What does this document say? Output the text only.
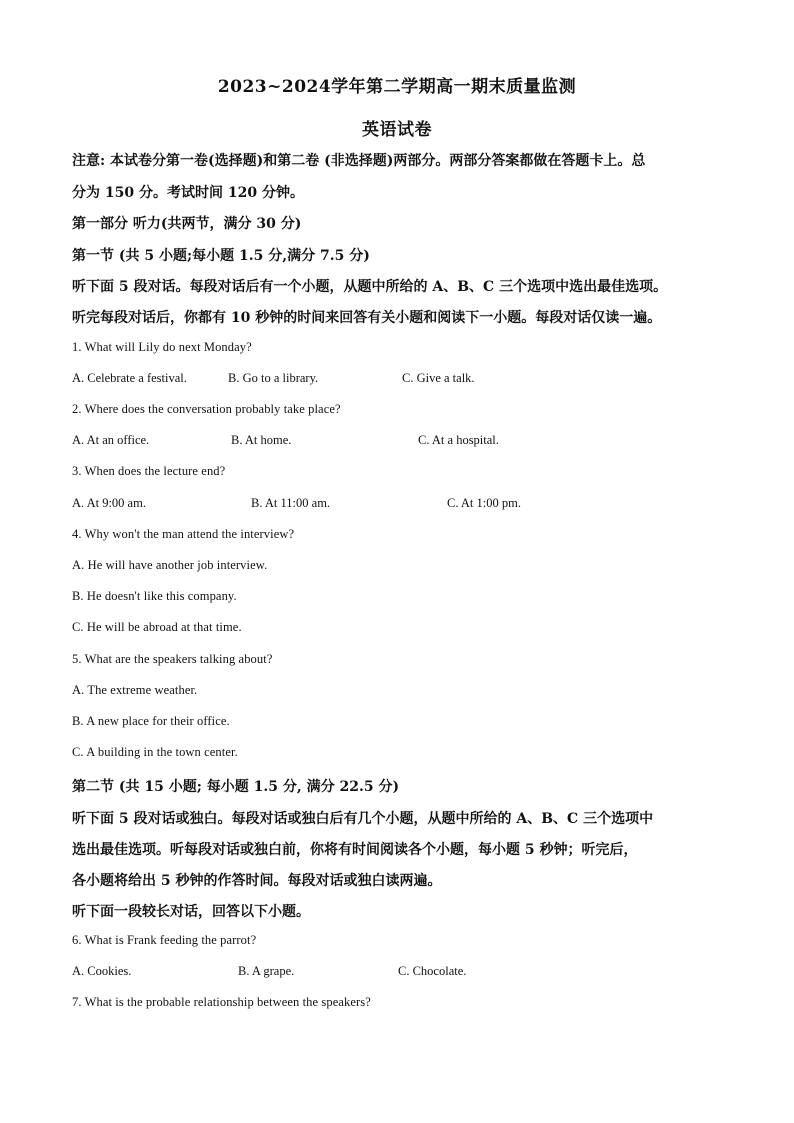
2023~2024学年第二学期高一期末质量监测
英语试卷
注意: 本试卷分第一卷(选择题)和第二卷 (非选择题)两部分。两部分答案都做在答题卡上。总
分为 150 分。考试时间 120 分钟。
第一部分 听力(共两节，满分 30 分)
第一节 (共 5 小题;每小题 1.5 分,满分 7.5 分)
听下面 5 段对话。每段对话后有一个小题，从题中所给的 A、B、C 三个选项中选出最佳选项。
听完每段对话后，你都有 10 秒钟的时间来回答有关小题和阅读下一小题。每段对话仅读一遍。
1. What will Lily do next Monday?
A. Celebrate a festival.	B. Go to a library.	C. Give a talk.
2. Where does the conversation probably take place?
A. At an office.	B. At home.	C. At a hospital.
3. When does the lecture end?
A. At 9:00 am.	B. At 11:00 am.	C. At 1:00 pm.
4. Why won't the man attend the interview?
A. He will have another job interview.
B. He doesn't like this company.
C. He will be abroad at that time.
5. What are the speakers talking about?
A. The extreme weather.
B. A new place for their office.
C. A building in the town center.
第二节 (共 15 小题; 每小题 1.5 分, 满分 22.5 分)
听下面 5 段对话或独白。每段对话或独白后有几个小题，从题中所给的 A、B、C 三个选项中
选出最佳选项。听每段对话或独白前，你将有时间阅读各个小题，每小题 5 秒钟；听完后，
各小题将给出 5 秒钟的作答时间。每段对话或独白读两遍。
听下面一段较长对话，回答以下小题。
6. What is Frank feeding the parrot?
A. Cookies.	B. A grape.	C. Chocolate.
7. What is the probable relationship between the speakers?
